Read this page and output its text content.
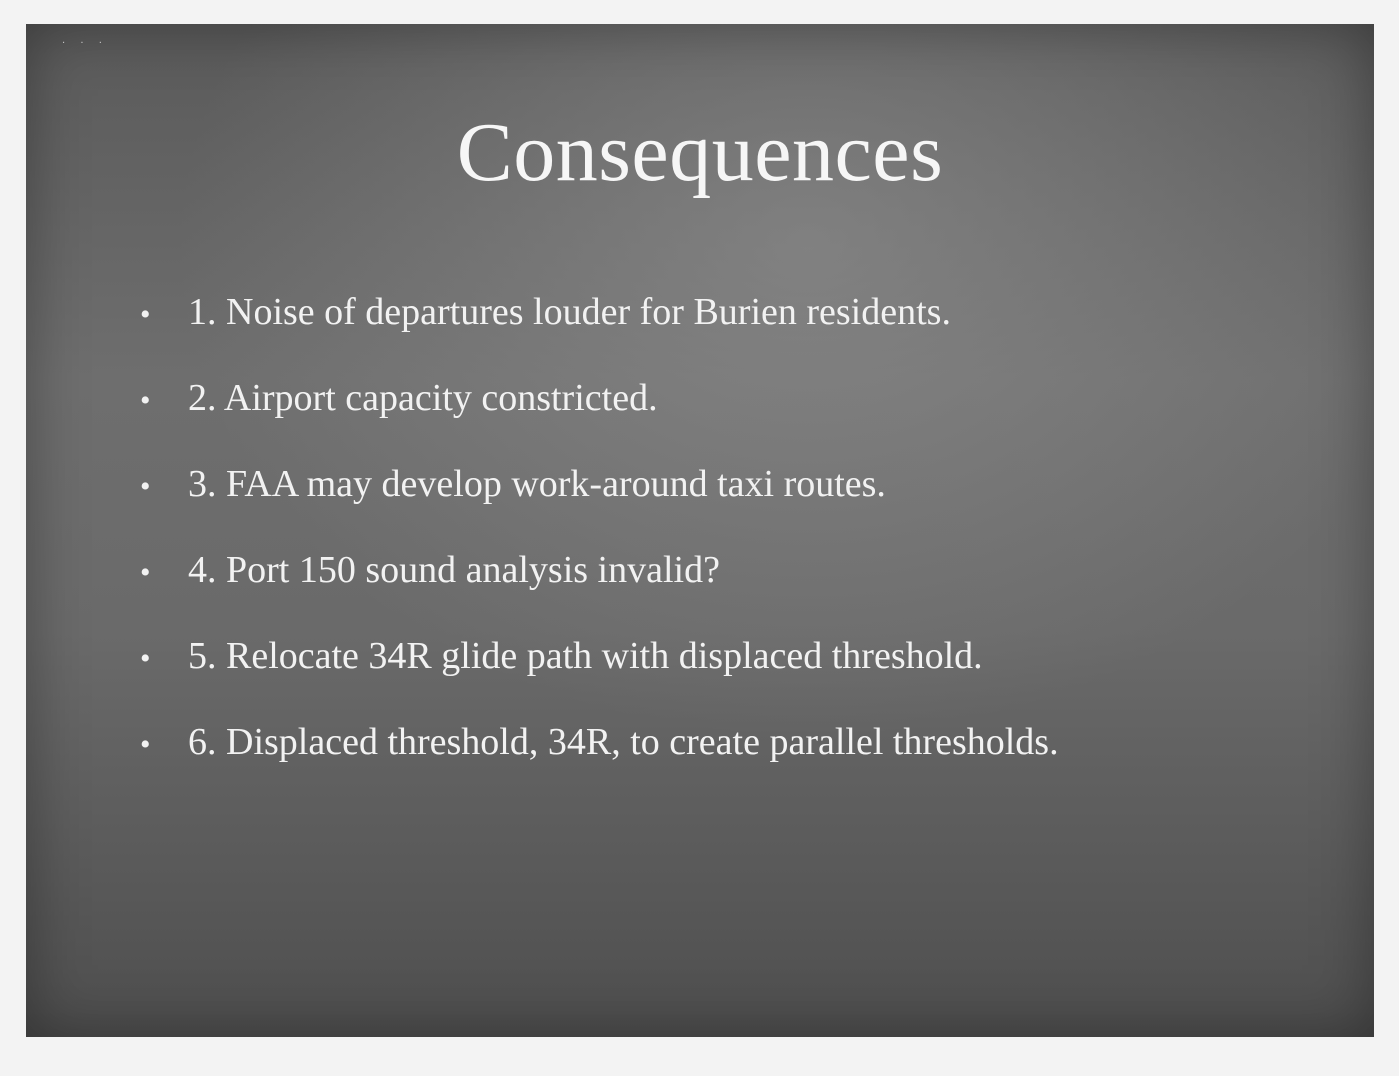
· · ·
Consequences
• 1. Noise of departures louder for Burien residents.
• 2. Airport capacity constricted.
• 3. FAA may develop work-around taxi routes.
• 4. Port 150 sound analysis invalid?
• 5. Relocate 34R glide path with displaced threshold.
• 6. Displaced threshold, 34R, to create parallel thresholds.
